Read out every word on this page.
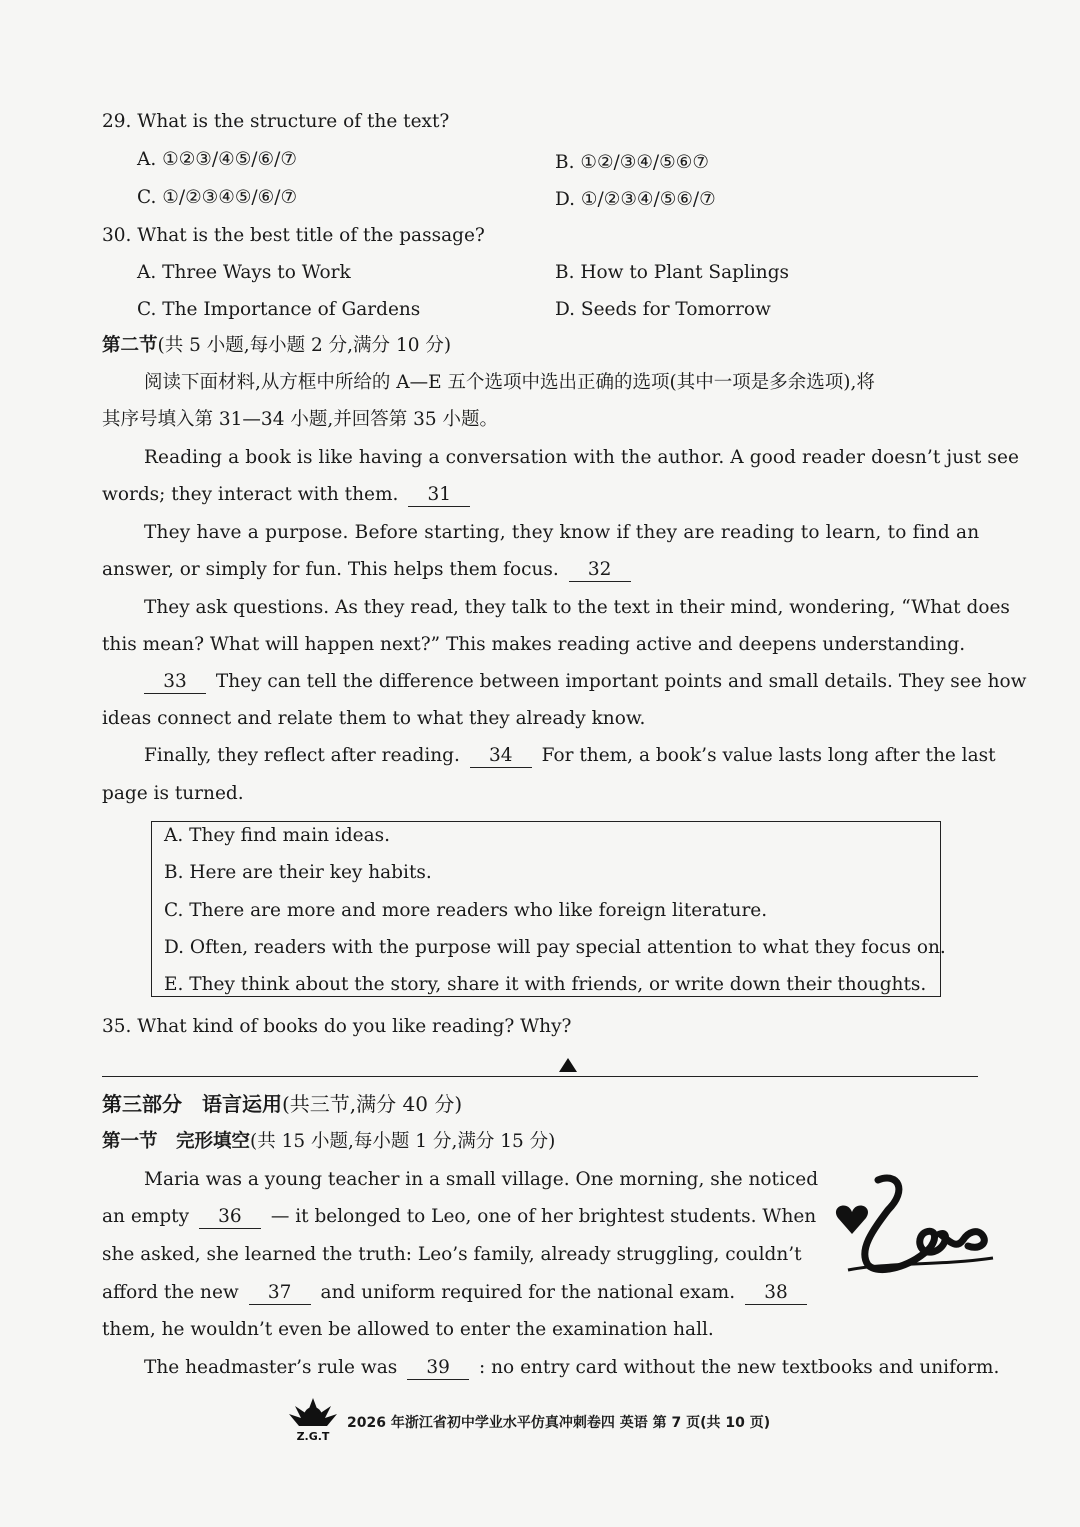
29. What is the structure of the text?
A. ①②③/④⑤/⑥/⑦	B. ①②/③④/⑤⑥⑦
C. ①/②③④⑤/⑥/⑦	D. ①/②③④/⑤⑥/⑦
30. What is the best title of the passage?
A. Three Ways to Work	B. How to Plant Saplings
C. The Importance of Gardens	D. Seeds for Tomorrow
第二节(共 5 小题,每小题 2 分,满分 10 分)
阅读下面材料,从方框中所给的 A—E 五个选项中选出正确的选项(其中一项是多余选项),将
其序号填入第 31—34 小题,并回答第 35 小题。
Reading a book is like having a conversation with the author. A good reader doesn’t just see
words; they interact with them. 31
They have a purpose. Before starting, they know if they are reading to learn, to find an
answer, or simply for fun. This helps them focus. 32
They ask questions. As they read, they talk to the text in their mind, wondering, “What does
this mean? What will happen next?” This makes reading active and deepens understanding.
33 They can tell the difference between important points and small details. They see how
ideas connect and relate them to what they already know.
Finally, they reflect after reading. 34 For them, a book’s value lasts long after the last
page is turned.
A. They find main ideas.
B. Here are their key habits.
C. There are more and more readers who like foreign literature.
D. Often, readers with the purpose will pay special attention to what they focus on.
E. They think about the story, share it with friends, or write down their thoughts.
35. What kind of books do you like reading? Why?
第三部分　语言运用(共三节,满分 40 分)
第一节　完形填空(共 15 小题,每小题 1 分,满分 15 分)
Maria was a young teacher in a small village. One morning, she noticed
an empty 36 — it belonged to Leo, one of her brightest students. When
she asked, she learned the truth: Leo’s family, already struggling, couldn’t
afford the new 37 and uniform required for the national exam. 38
them, he wouldn’t even be allowed to enter the examination hall.
The headmaster’s rule was 39 : no entry card without the new textbooks and uniform.
Z.G.T
2026 年浙江省初中学业水平仿真冲刺卷四 英语 第 7 页(共 10 页)
